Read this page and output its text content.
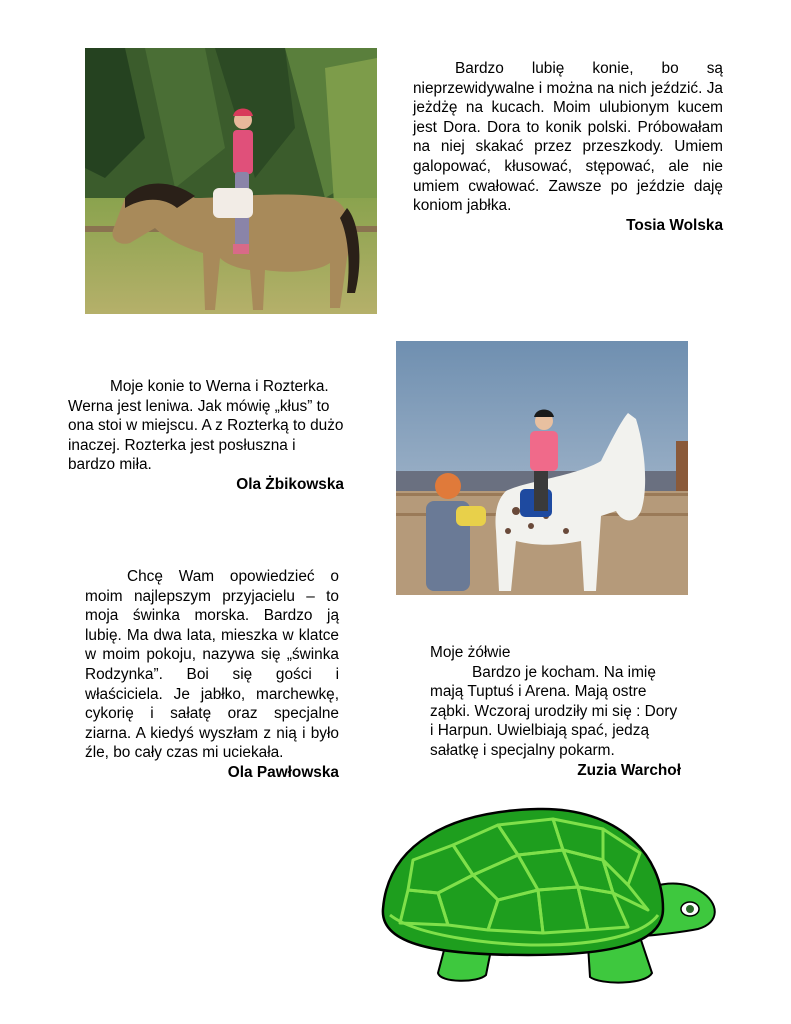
Bardzo lubię konie, bo są nieprzewidywalne i można na nich jeździć. Ja jeżdżę na kucach. Moim ulubionym kucem jest Dora. Dora to konik polski. Próbowałam na niej skakać przez przeszkody. Umiem galopować, kłusować, stępować, ale nie umiem cwałować. Zawsze po jeździe daję koniom jabłka.

Tosia Wolska

Moje konie to Werna i Rozterka. Werna jest leniwa. Jak mówię „kłus” to ona stoi w miejscu. A z Rozterką to dużo inaczej. Rozterka jest posłuszna i bardzo miła.

Ola Żbikowska

Chcę Wam opowiedzieć o moim najlepszym przyjacielu – to moja świnka morska. Bardzo ją lubię. Ma dwa lata, mieszka w klatce w moim pokoju, nazywa się „świnka Rodzynka”. Boi się gości i właściciela. Je jabłko, marchewkę, cykorię i sałatę oraz specjalne ziarna. A kiedyś wyszłam z nią i było źle, bo cały czas mi uciekała.

Ola Pawłowska

Moje żółwie

Bardzo je kocham. Na imię mają Tuptuś i Arena. Mają ostre ząbki. Wczoraj urodziły mi się : Dory i Harpun. Uwielbiają spać, jedzą sałatkę i specjalny pokarm.

Zuzia Warchoł
